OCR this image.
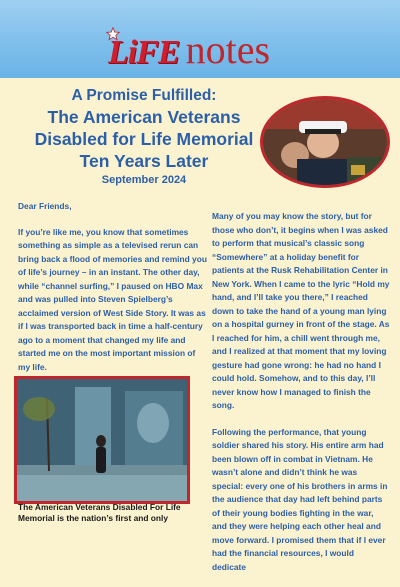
LiFE notes
A Promise Fulfilled:
The American Veterans
Disabled for Life Memorial
Ten Years Later
September 2024
Dear Friends,

If you’re like me, you know that sometimes something as simple as a televised rerun can bring back a flood of memories and remind you of life’s journey – in an instant. The other day, while “channel surfing,” I paused on HBO Max and was pulled into Steven Spielberg’s acclaimed version of West Side Story. It was as if I was transported back in time a half-century ago to a moment that changed my life and started me on the most important mission of my life.

The American Veterans Disabled For Life Memorial is the nation’s first and only

Many of you may know the story, but for those who don’t, it begins when I was asked to perform that musical’s classic song “Somewhere” at a holiday benefit for patients at the Rusk Rehabilitation Center in New York. When I came to the lyric “Hold my hand, and I’ll take you there,” I reached down to take the hand of a young man lying on a hospital gurney in front of the stage. As I reached for him, a chill went through me, and I realized at that moment that my loving gesture had gone wrong: he had no hand I could hold. Somehow, and to this day, I’ll never know how I managed to finish the song.

Following the performance, that young soldier shared his story. His entire arm had been blown off in combat in Vietnam. He wasn’t alone and didn’t think he was special: every one of his brothers in arms in the audience that day had left behind parts of their young bodies fighting in the war, and they were helping each other heal and move forward. I promised them that if I ever had the financial resources, I would dedicate
